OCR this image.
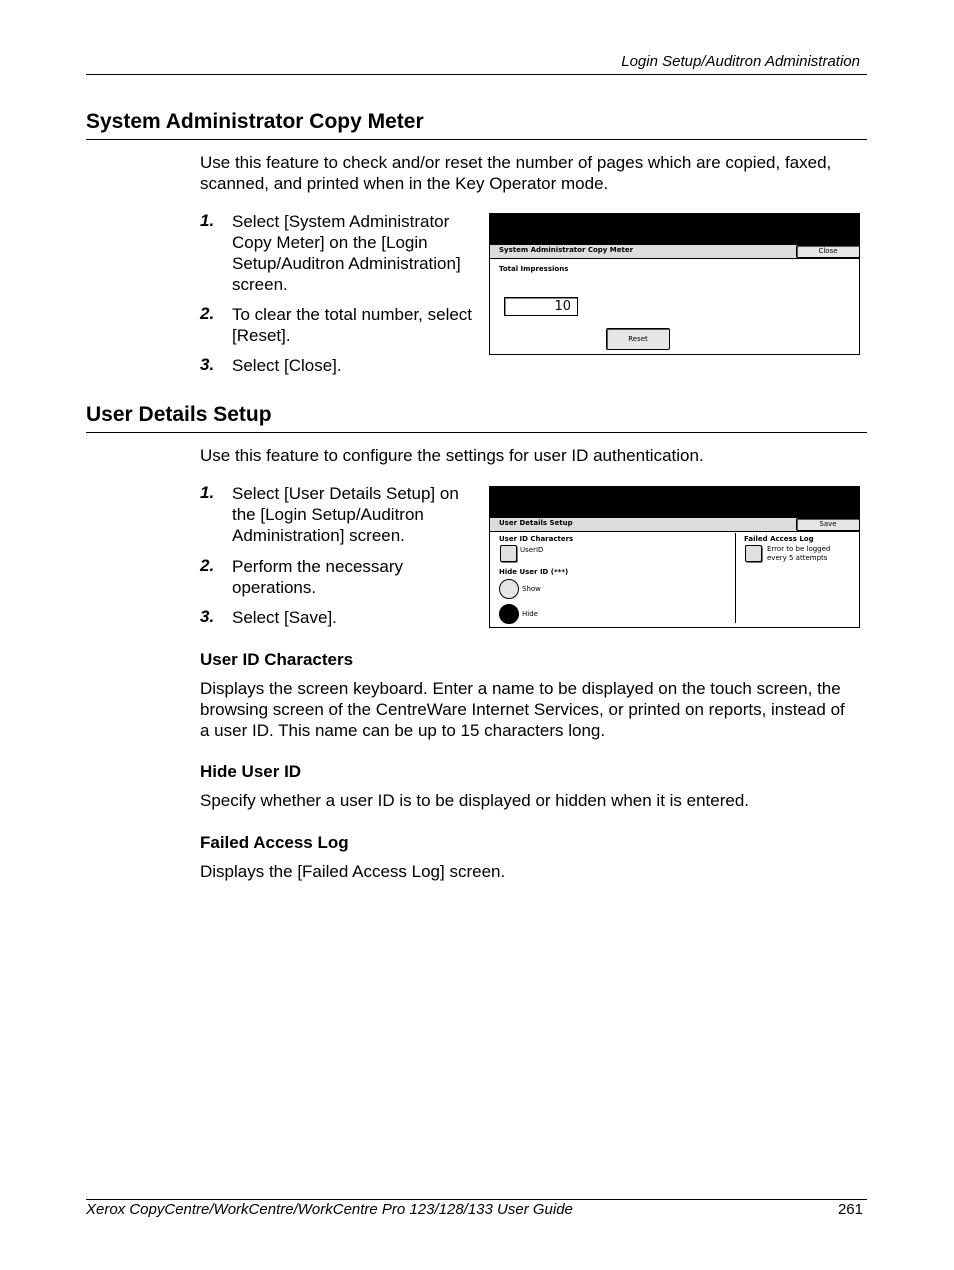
Login Setup/Auditron Administration
System Administrator Copy Meter

Use this feature to check and/or reset the number of pages which are copied, faxed,
scanned, and printed when in the Key Operator mode.

1. Select [System Administrator
Copy Meter] on the [Login
Setup/Auditron Administration]
screen.
2. To clear the total number, select
[Reset].
3. Select [Close].
System Administrator Copy Meter	Close
Total Impressions
10
Reset
User Details Setup

Use this feature to configure the settings for user ID authentication.

1. Select [User Details Setup] on
the [Login Setup/Auditron
Administration] screen.
2. Perform the necessary
operations.
3. Select [Save].
User Details Setup	Save
User ID Characters
UserID
Hide User ID (***)
Show
Hide
Failed Access Log
Error to be logged
every 5 attempts
User ID Characters

Displays the screen keyboard. Enter a name to be displayed on the touch screen, the
browsing screen of the CentreWare Internet Services, or printed on reports, instead of
a user ID. This name can be up to 15 characters long.

Hide User ID

Specify whether a user ID is to be displayed or hidden when it is entered.

Failed Access Log

Displays the [Failed Access Log] screen.

Xerox CopyCentre/WorkCentre/WorkCentre Pro 123/128/133 User Guide	261
